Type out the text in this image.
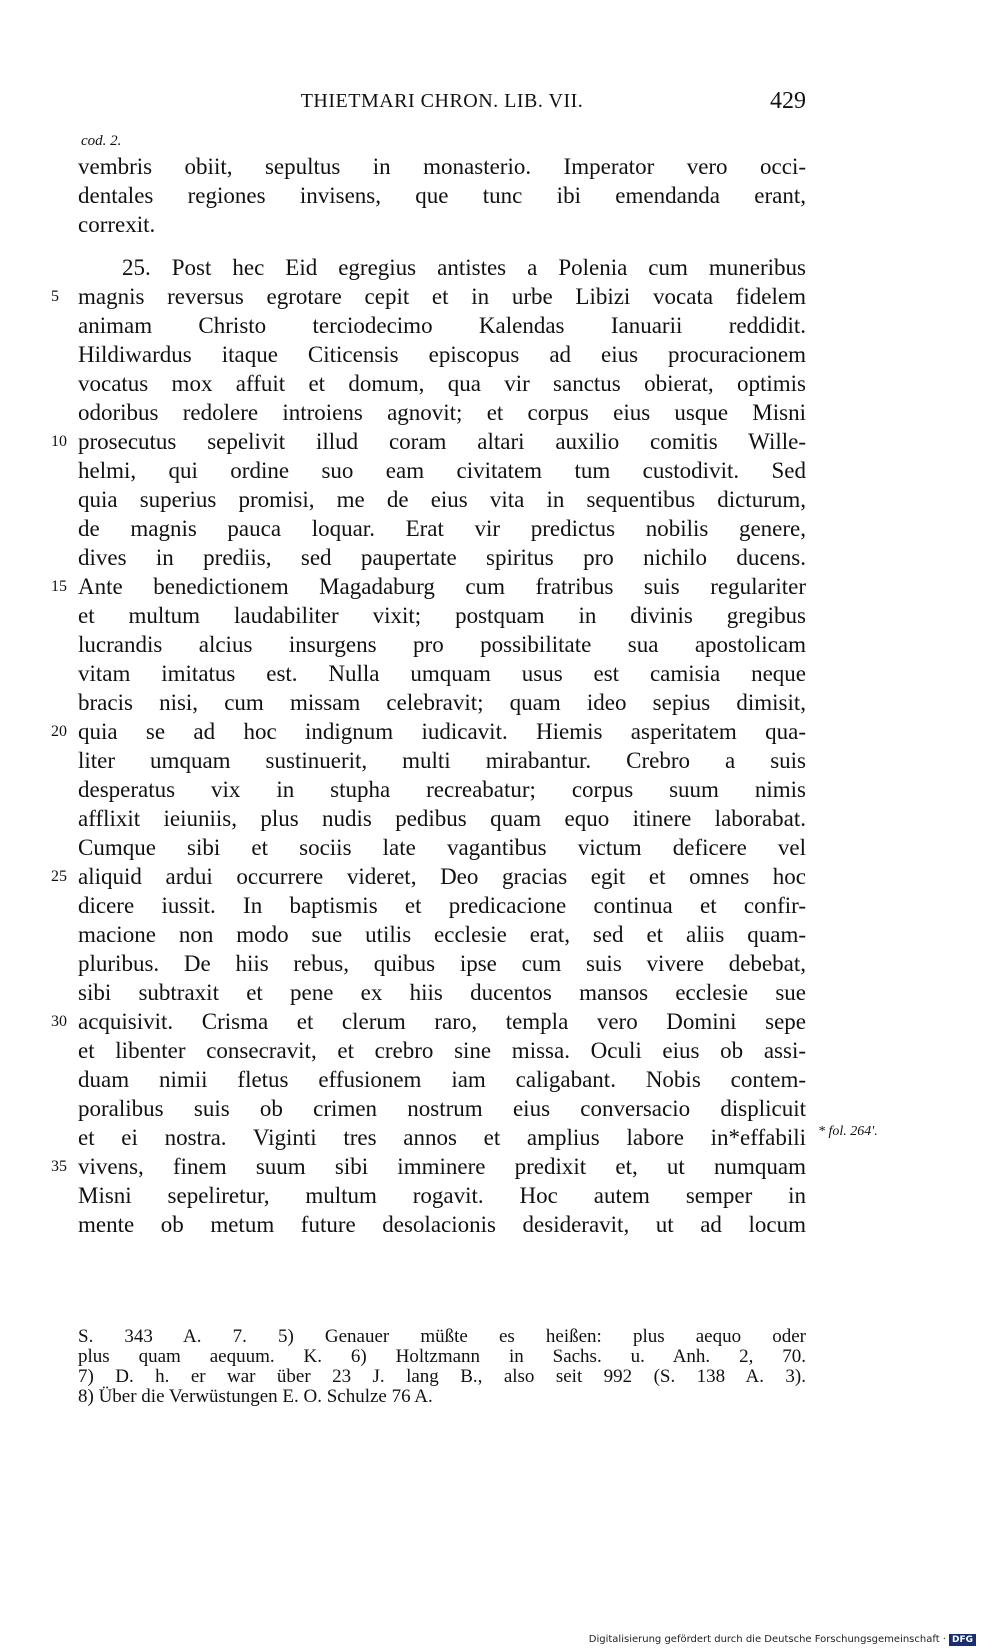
THIETMARI CHRON. LIB. VII.	429
cod. 2.
vembris obiit, sepultus in monasterio. Imperator vero occi-
dentales regiones invisens, que tunc ibi emendanda erant,
correxit.
25. Post hec Eid egregius antistes a Polenia cum muneribus
5 magnis reversus egrotare cepit et in urbe Libizi vocata fidelem
animam Christo terciodecimo Kalendas Ianuarii reddidit.
Hildiwardus itaque Citicensis episcopus ad eius procuracionem
vocatus mox affuit et domum, qua vir sanctus obierat, optimis
odoribus redolere introiens agnovit; et corpus eius usque Misni
10 prosecutus sepelivit illud coram altari auxilio comitis Wille-
helmi, qui ordine suo eam civitatem tum custodivit. Sed
quia superius promisi, me de eius vita in sequentibus dicturum,
de magnis pauca loquar. Erat vir predictus nobilis genere,
dives in prediis, sed paupertate spiritus pro nichilo ducens.
15 Ante benedictionem Magadaburg cum fratribus suis regulariter
et multum laudabiliter vixit; postquam in divinis gregibus
lucrandis alcius insurgens pro possibilitate sua apostolicam
vitam imitatus est. Nulla umquam usus est camisia neque
bracis nisi, cum missam celebravit; quam ideo sepius dimisit,
20 quia se ad hoc indignum iudicavit. Hiemis asperitatem qua-
liter umquam sustinuerit, multi mirabantur. Crebro a suis
desperatus vix in stupha recreabatur; corpus suum nimis
afflixit ieiuniis, plus nudis pedibus quam equo itinere laborabat.
Cumque sibi et sociis late vagantibus victum deficere vel
25 aliquid ardui occurrere videret, Deo gracias egit et omnes hoc
dicere iussit. In baptismis et predicacione continua et confir-
macione non modo sue utilis ecclesie erat, sed et aliis quam-
pluribus. De hiis rebus, quibus ipse cum suis vivere debebat,
sibi subtraxit et pene ex hiis ducentos mansos ecclesie sue
30 acquisivit. Crisma et clerum raro, templa vero Domini sepe
et libenter consecravit, et crebro sine missa. Oculi eius ob assi-
duam nimii fletus effusionem iam caligabant. Nobis contem-
poralibus suis ob crimen nostrum eius conversacio displicuit
et ei nostra. Viginti tres annos et amplius labore in*effabili
35 vivens, finem suum sibi imminere predixit et, ut numquam
Misni sepeliretur, multum rogavit. Hoc autem semper in
mente ob metum future desolacionis desideravit, ut ad locum
* fol. 264'.
S. 343 A. 7. 5) Genauer müßte es heißen: plus aequo oder
plus quam aequum. K. 6) Holtzmann in Sachs. u. Anh. 2, 70.
7) D. h. er war über 23 J. lang B., also seit 992 (S. 138 A. 3).
8) Über die Verwüstungen E. O. Schulze 76 A.
Digitalisierung gefördert durch die Deutsche Forschungsgemeinschaft · DFG
